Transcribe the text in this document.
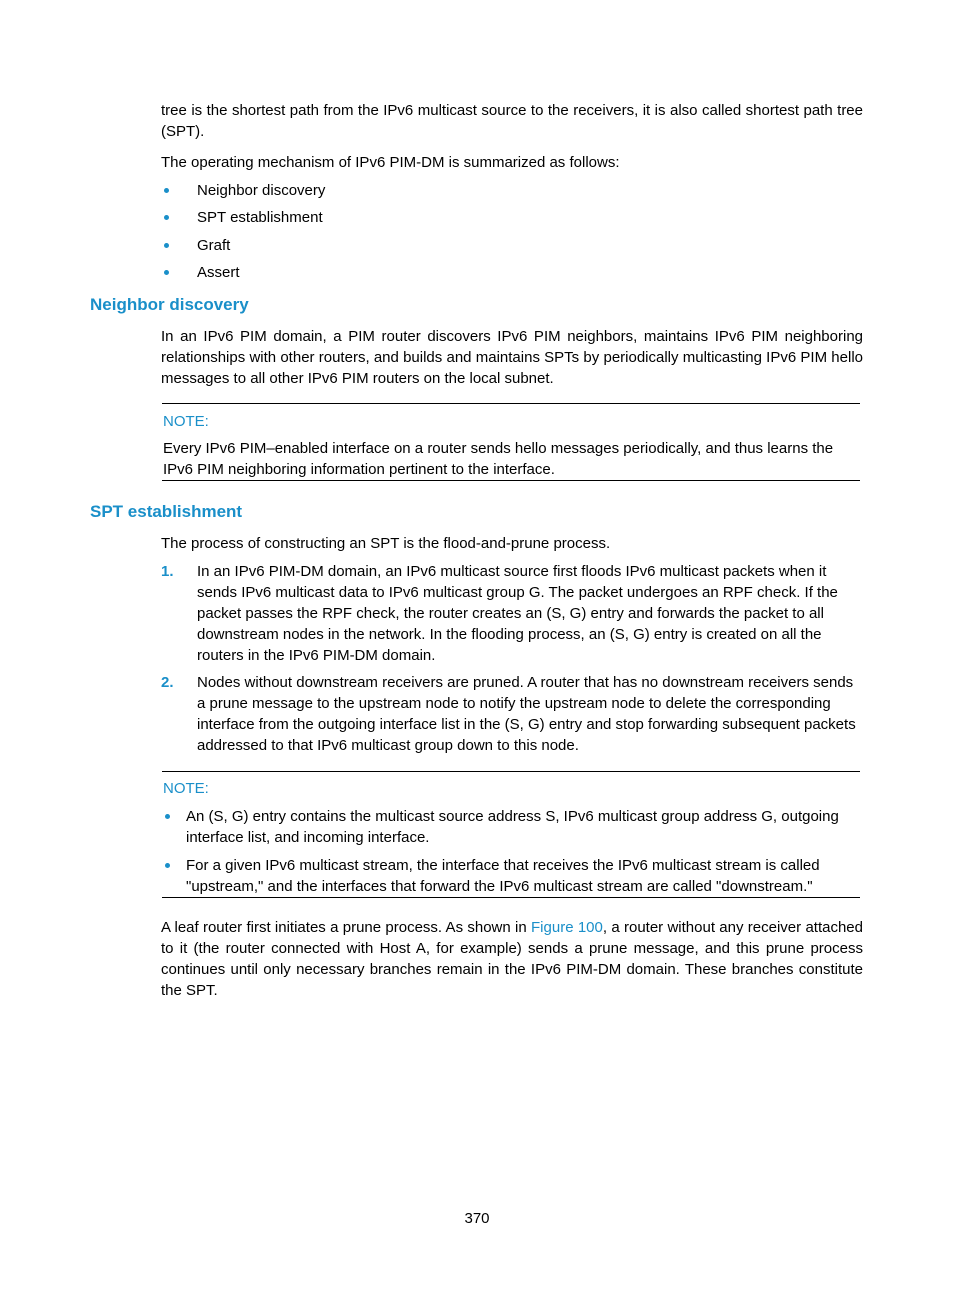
tree is the shortest path from the IPv6 multicast source to the receivers, it is also called shortest path tree (SPT).
The operating mechanism of IPv6 PIM-DM is summarized as follows:
Neighbor discovery
SPT establishment
Graft
Assert
Neighbor discovery
In an IPv6 PIM domain, a PIM router discovers IPv6 PIM neighbors, maintains IPv6 PIM neighboring relationships with other routers, and builds and maintains SPTs by periodically multicasting IPv6 PIM hello messages to all other IPv6 PIM routers on the local subnet.
NOTE:
Every IPv6 PIM–enabled interface on a router sends hello messages periodically, and thus learns the IPv6 PIM neighboring information pertinent to the interface.
SPT establishment
The process of constructing an SPT is the flood-and-prune process.
1. In an IPv6 PIM-DM domain, an IPv6 multicast source first floods IPv6 multicast packets when it sends IPv6 multicast data to IPv6 multicast group G. The packet undergoes an RPF check. If the packet passes the RPF check, the router creates an (S, G) entry and forwards the packet to all downstream nodes in the network. In the flooding process, an (S, G) entry is created on all the routers in the IPv6 PIM-DM domain.
2. Nodes without downstream receivers are pruned. A router that has no downstream receivers sends a prune message to the upstream node to notify the upstream node to delete the corresponding interface from the outgoing interface list in the (S, G) entry and stop forwarding subsequent packets addressed to that IPv6 multicast group down to this node.
NOTE:
An (S, G) entry contains the multicast source address S, IPv6 multicast group address G, outgoing interface list, and incoming interface.
For a given IPv6 multicast stream, the interface that receives the IPv6 multicast stream is called "upstream," and the interfaces that forward the IPv6 multicast stream are called "downstream."
A leaf router first initiates a prune process. As shown in Figure 100, a router without any receiver attached to it (the router connected with Host A, for example) sends a prune message, and this prune process continues until only necessary branches remain in the IPv6 PIM-DM domain. These branches constitute the SPT.
370
